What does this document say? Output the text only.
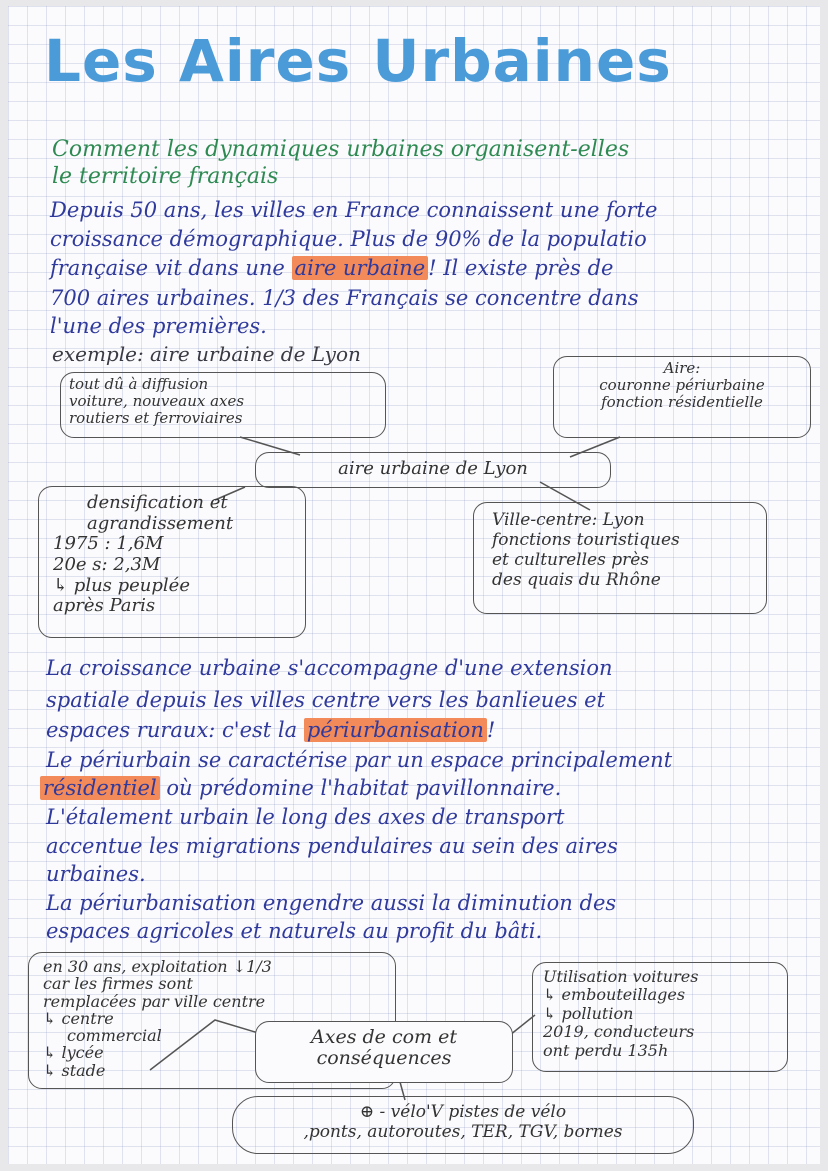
Les Aires Urbaines

Comment les dynamiques urbaines organisent-elles

le territoire français

Depuis 50 ans, les villes en France connaissent une forte

croissance démographique. Plus de 90% de la populatio

française vit dans une aire urbaine ! Il existe près de

700 aires urbaines. 1/3 des Français se concentre dans

l'une des premières.

exemple: aire urbaine de Lyon

tout dû à diffusion
voiture, nouveaux axes
routiers et ferroviaires
Aire:
couronne périurbaine
fonction résidentielle
aire urbaine de Lyon
densification et
agrandissement
1975 : 1,6M
20e s: 2,3M
↳ plus peuplée
après Paris
Ville-centre: Lyon
fonctions touristiques
et culturelles près
des quais du Rhône

La croissance urbaine s'accompagne d'une extension

spatiale depuis les villes centre vers les banlieues et

espaces ruraux: c'est la périurbanisation !

Le périurbain se caractérise par un espace principalement

résidentiel où prédomine l'habitat pavillonnaire.

L'étalement urbain le long des axes de transport

accentue les migrations pendulaires au sein des aires

urbaines.

La périurbanisation engendre aussi la diminution des

espaces agricoles et naturels au profit du bâti.

en 30 ans, exploitation ↓1/3
car les firmes sont
remplacées par ville centre
↳ centre
commercial
↳ lycée
↳ stade
Axes de com et
conséquences
Utilisation voitures
↳ embouteillages
↳ pollution
2019, conducteurs
ont perdu 135h
⊕ - vélo'V pistes de vélo
,ponts, autoroutes, TER, TGV, bornes
